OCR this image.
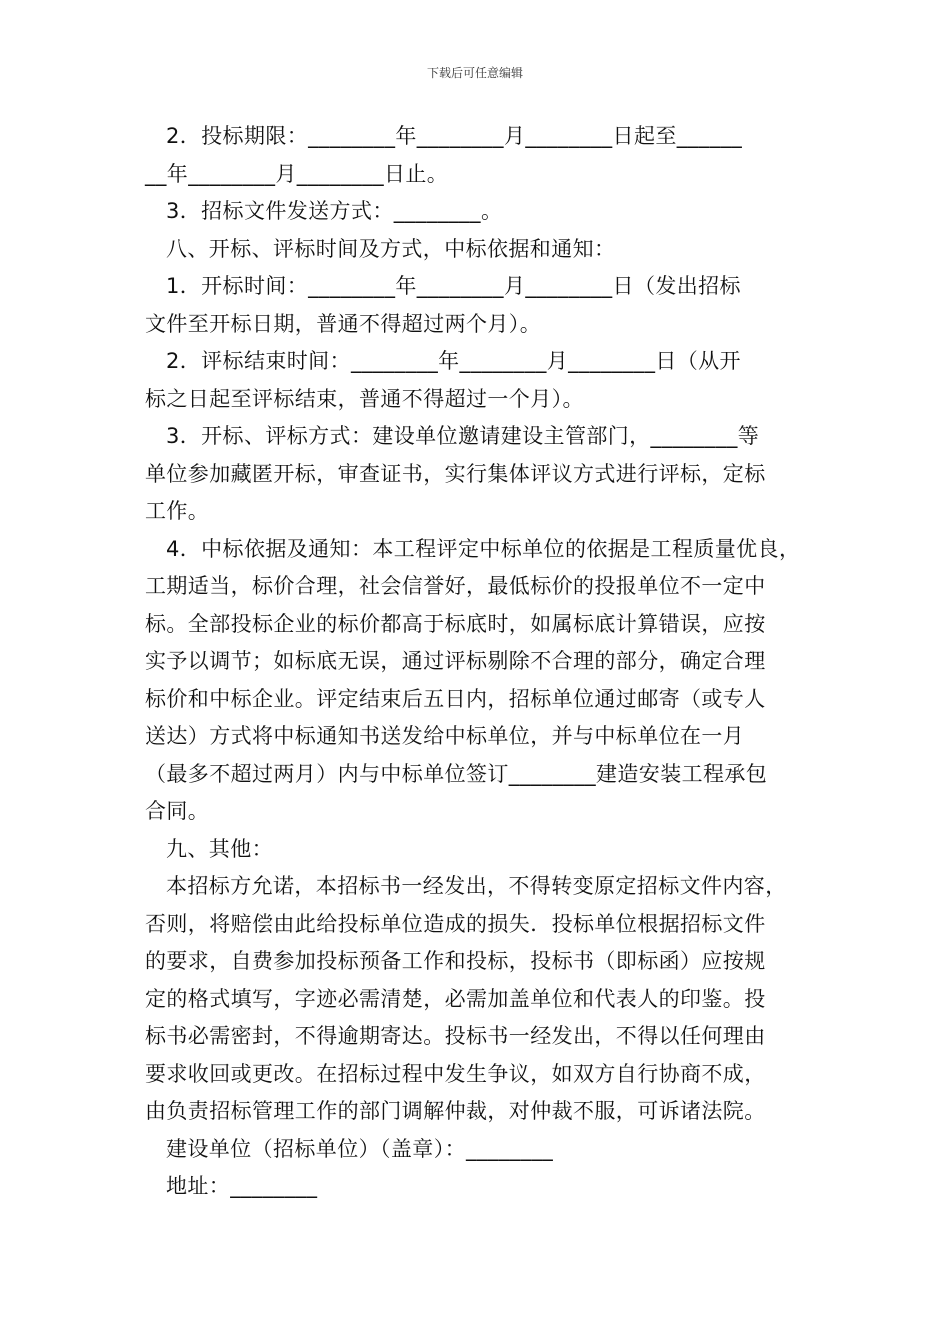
下载后可任意编辑

2．投标期限：________年________月________日起至______

__年________月________日止。

3．招标文件发送方式：________。

八、开标、评标时间及方式，中标依据和通知：

1．开标时间：________年________月________日（发出招标

文件至开标日期，普通不得超过两个月）。

2．评标结束时间：________年________月________日（从开

标之日起至评标结束，普通不得超过一个月）。

3．开标、评标方式：建设单位邀请建设主管部门，________等

单位参加藏匿开标，审查证书，实行集体评议方式进行评标，定标

工作。

4．中标依据及通知：本工程评定中标单位的依据是工程质量优良，

工期适当，标价合理，社会信誉好，最低标价的投报单位不一定中

标。全部投标企业的标价都高于标底时，如属标底计算错误，应按

实予以调节；如标底无误，通过评标剔除不合理的部分，确定合理

标价和中标企业。评定结束后五日内，招标单位通过邮寄（或专人

送达）方式将中标通知书送发给中标单位，并与中标单位在一月

（最多不超过两月）内与中标单位签订________建造安装工程承包

合同。

九、其他：

本招标方允诺，本招标书一经发出，不得转变原定招标文件内容，

否则，将赔偿由此给投标单位造成的损失．投标单位根据招标文件

的要求，自费参加投标预备工作和投标，投标书（即标函）应按规

定的格式填写，字迹必需清楚，必需加盖单位和代表人的印鉴。投

标书必需密封，不得逾期寄达。投标书一经发出，不得以任何理由

要求收回或更改。在招标过程中发生争议，如双方自行协商不成，

由负责招标管理工作的部门调解仲裁，对仲裁不服，可诉诸法院。

建设单位（招标单位）（盖章）：________

地址：________
